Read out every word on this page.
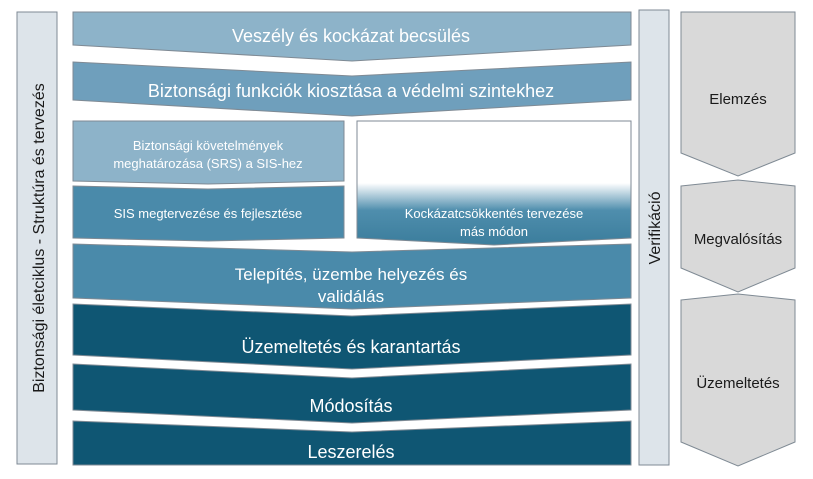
Biztonsági életciklus - Struktúra és tervezés
Veszély és kockázat becsülés
Biztonsági funkciók kiosztása a védelmi szintekhez
Biztonsági követelmények
meghatározása (SRS) a SIS-hez
SIS megtervezése és fejlesztése	Kockázatcsökkentés tervezése
más módon
Telepítés, üzembe helyezés és
validálás
Üzemeltetés és karantartás
Módosítás
Leszerelés
Verifikáció
Elemzés
Megvalósítás
Üzemeltetés
